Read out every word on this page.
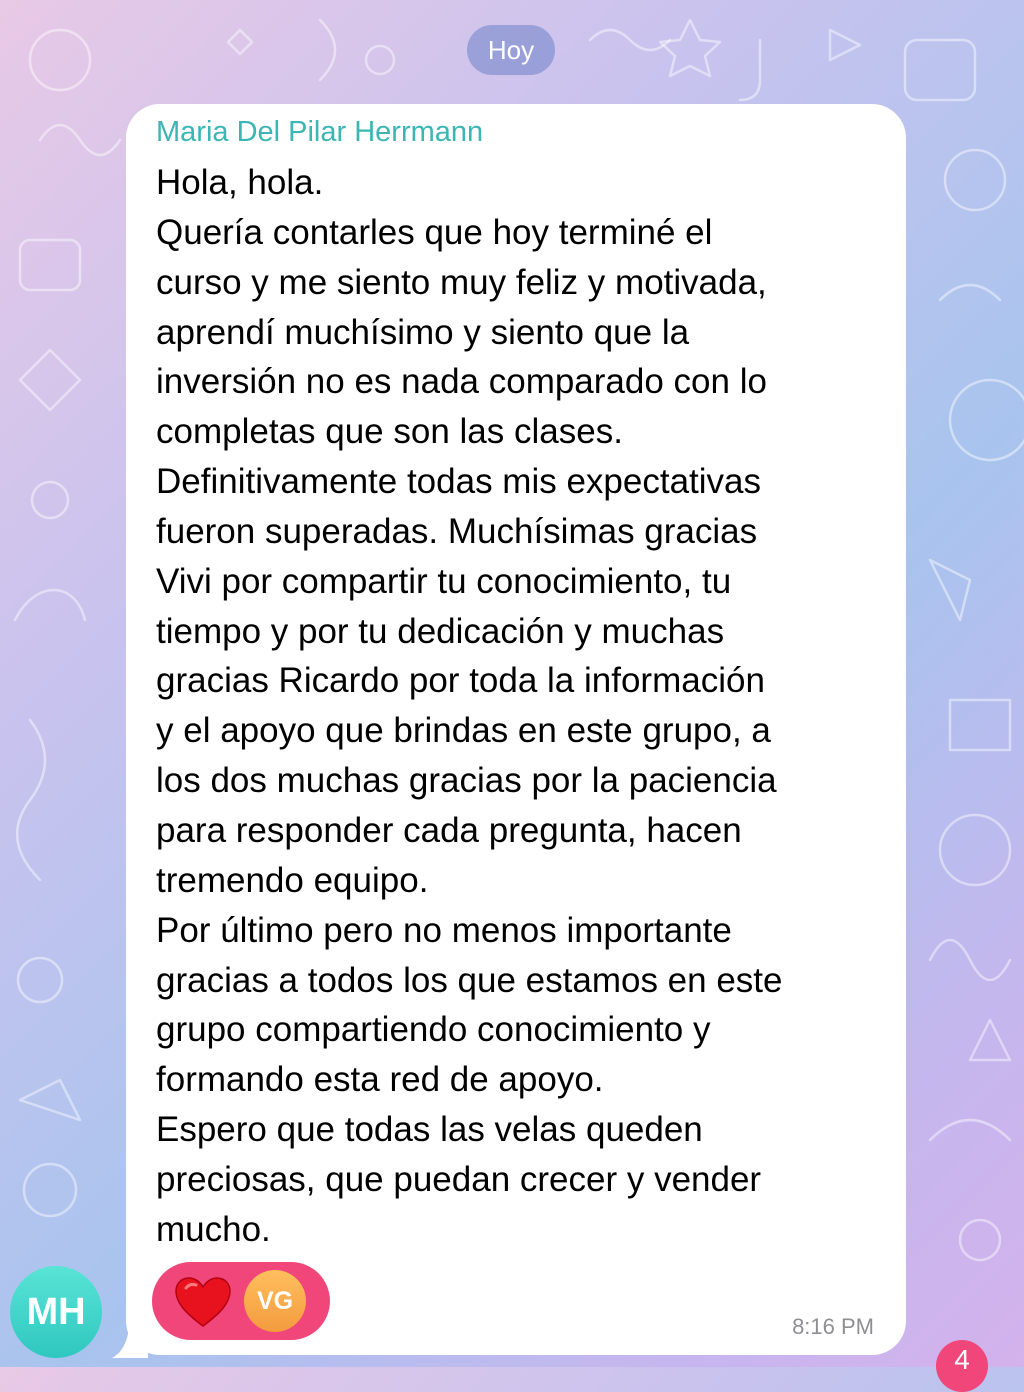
Hoy
Maria Del Pilar Herrmann
Hola, hola.
Quería contarles que hoy terminé el
curso y me siento muy feliz y motivada,
aprendí muchísimo y siento que la
inversión no es nada comparado con lo
completas que son las clases.
Definitivamente todas mis expectativas
fueron superadas. Muchísimas gracias
Vivi por compartir tu conocimiento, tu
tiempo y por tu dedicación y muchas
gracias Ricardo por toda la información
y el apoyo que brindas en este grupo, a
los dos muchas gracias por la paciencia
para responder cada pregunta, hacen
tremendo equipo.
Por último pero no menos importante
gracias a todos los que estamos en este
grupo compartiendo conocimiento y
formando esta red de apoyo.
Espero que todas las velas queden
preciosas, que puedan crecer y vender
mucho.
VG
8:16 PM
MH
4
